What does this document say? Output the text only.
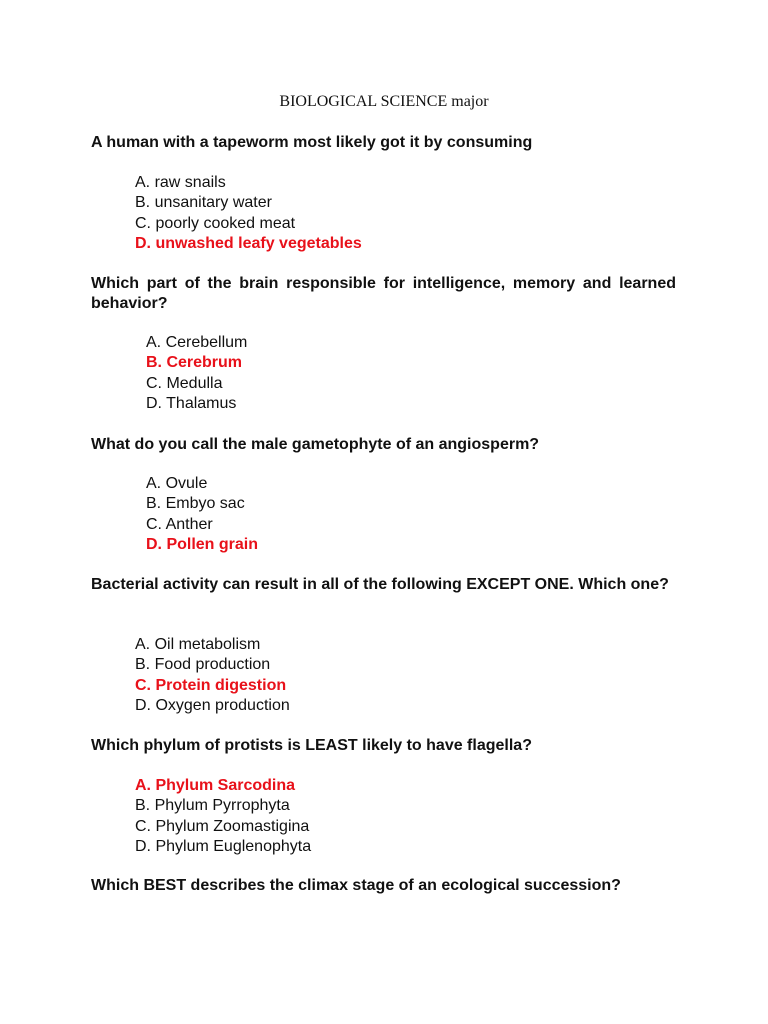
BIOLOGICAL SCIENCE major
A human with a tapeworm most likely got it by consuming
A. raw snails
B. unsanitary water
C. poorly cooked meat
D. unwashed leafy vegetables
Which part of the brain responsible for intelligence, memory and learned behavior?
A. Cerebellum
B. Cerebrum
C. Medulla
D. Thalamus
What do you call the male gametophyte of an angiosperm?
A. Ovule
B. Embyo sac
C. Anther
D. Pollen grain
Bacterial activity can result in all of the following EXCEPT ONE. Which one?
A. Oil metabolism
B. Food production
C. Protein digestion
D. Oxygen production
Which phylum of protists is LEAST likely to have flagella?
A. Phylum Sarcodina
B. Phylum Pyrrophyta
C. Phylum Zoomastigina
D. Phylum Euglenophyta
Which BEST describes the climax stage of an ecological succession?
